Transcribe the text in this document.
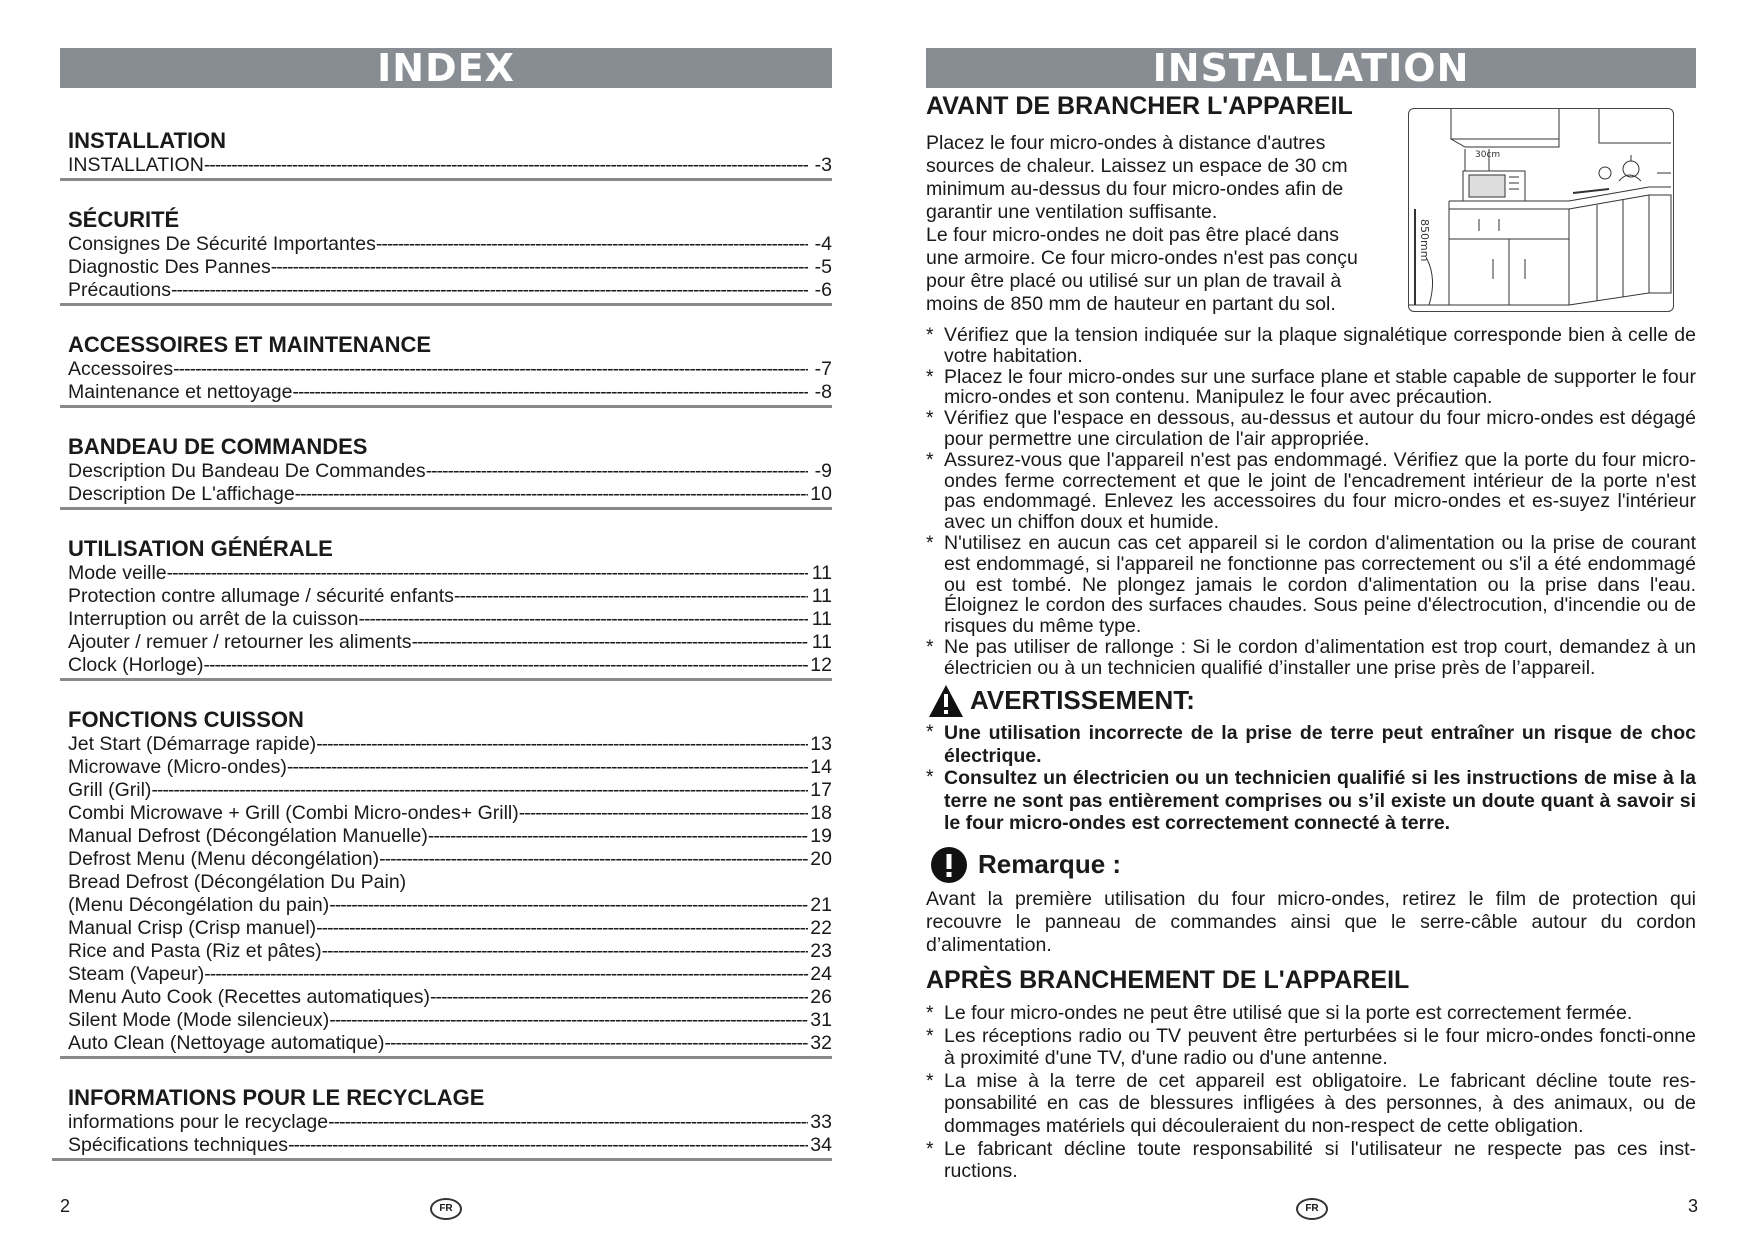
INDEX
INSTALLATION
INSTALLATION -----	-3
SÉCURITÉ
Consignes De Sécurité Importantes -----	-4
Diagnostic Des Pannes -----	-5
Précautions -----	-6
ACCESSOIRES ET MAINTENANCE
Accessoires -----	-7
Maintenance et nettoyage -----	-8
BANDEAU DE COMMANDES
Description Du Bandeau De Commandes -----	-9
Description De L'affichage -----	10
UTILISATION GÉNÉRALE
Mode veille -----	11
Protection contre allumage / sécurité enfants -----	11
Interruption ou arrêt de la cuisson -----	11
Ajouter / remuer / retourner les aliments -----	11
Clock (Horloge) -----	12
FONCTIONS CUISSON
Jet Start (Démarrage rapide) -----	13
Microwave (Micro-ondes) -----	14
Grill (Gril) -----	17
Combi Microwave + Grill (Combi Micro-ondes+ Grill) -----	18
Manual Defrost (Décongélation Manuelle) -----	19
Defrost Menu (Menu décongélation) -----	20
Bread Defrost (Décongélation Du Pain)
(Menu Décongélation du pain) -----	21
Manual Crisp (Crisp manuel) -----	22
Rice and Pasta (Riz et pâtes) -----	23
Steam (Vapeur) -----	24
Menu Auto Cook (Recettes automatiques) -----	26
Silent Mode (Mode silencieux) -----	31
Auto Clean (Nettoyage automatique) -----	32
INFORMATIONS POUR LE RECYCLAGE
informations pour le recyclage -----	33
Spécifications techniques -----	34
2	FR
INSTALLATION
AVANT DE BRANCHER L'APPAREIL
Placez le four micro-ondes à distance d'autres
sources de chaleur. Laissez un espace de 30 cm
minimum au-dessus du four micro-ondes afin de
garantir une ventilation suffisante.
Le four micro-ondes ne doit pas être placé dans
une armoire. Ce four micro-ondes n'est pas conçu
pour être placé ou utilisé sur un plan de travail à
moins de 850 mm de hauteur en partant du sol.
30cm
850mm
* Vérifiez que la tension indiquée sur la plaque signalétique corresponde bien à celle de votre habitation.
* Placez le four micro-ondes sur une surface plane et stable capable de supporter le four micro-ondes et son contenu. Manipulez le four avec précaution.
* Vérifiez que l'espace en dessous, au-dessus et autour du four micro-ondes est dégagé pour permettre une circulation de l'air appropriée.
* Assurez-vous que l'appareil n'est pas endommagé. Vérifiez que la porte du four micro-ondes ferme correctement et que le joint de l'encadrement intérieur de la porte n'est pas endommagé. Enlevez les accessoires du four micro-ondes et es-suyez l'intérieur avec un chiffon doux et humide.
* N'utilisez en aucun cas cet appareil si le cordon d'alimentation ou la prise de courant est endommagé, si l'appareil ne fonctionne pas correctement ou s'il a été endommagé ou est tombé. Ne plongez jamais le cordon d'alimentation ou la prise dans l'eau. Éloignez le cordon des surfaces chaudes. Sous peine d'électrocution, d'incendie ou de risques du même type.
* Ne pas utiliser de rallonge : Si le cordon d’alimentation est trop court, demandez à un électricien ou à un technicien qualifié d’installer une prise près de l’appareil.
AVERTISSEMENT:
* Une utilisation incorrecte de la prise de terre peut entraîner un risque de choc électrique.
* Consultez un électricien ou un technicien qualifié si les instructions de mise à la terre ne sont pas entièrement comprises ou s’il existe un doute quant à savoir si le four micro-ondes est correctement connecté à terre.
Remarque :
Avant la première utilisation du four micro-ondes, retirez le film de protection qui recouvre le panneau de commandes ainsi que le serre-câble autour du cordon d’alimentation.
APRÈS BRANCHEMENT DE L'APPAREIL
* Le four micro-ondes ne peut être utilisé que si la porte est correctement fermée.
* Les réceptions radio ou TV peuvent être perturbées si le four micro-ondes foncti-onne à proximité d'une TV, d'une radio ou d'une antenne.
* La mise à la terre de cet appareil est obligatoire. Le fabricant décline toute res-ponsabilité en cas de blessures infligées à des personnes, à des animaux, ou de dommages matériels qui découleraient du non-respect de cette obligation.
* Le fabricant décline toute responsabilité si l'utilisateur ne respecte pas ces inst-ructions.
3
FR
